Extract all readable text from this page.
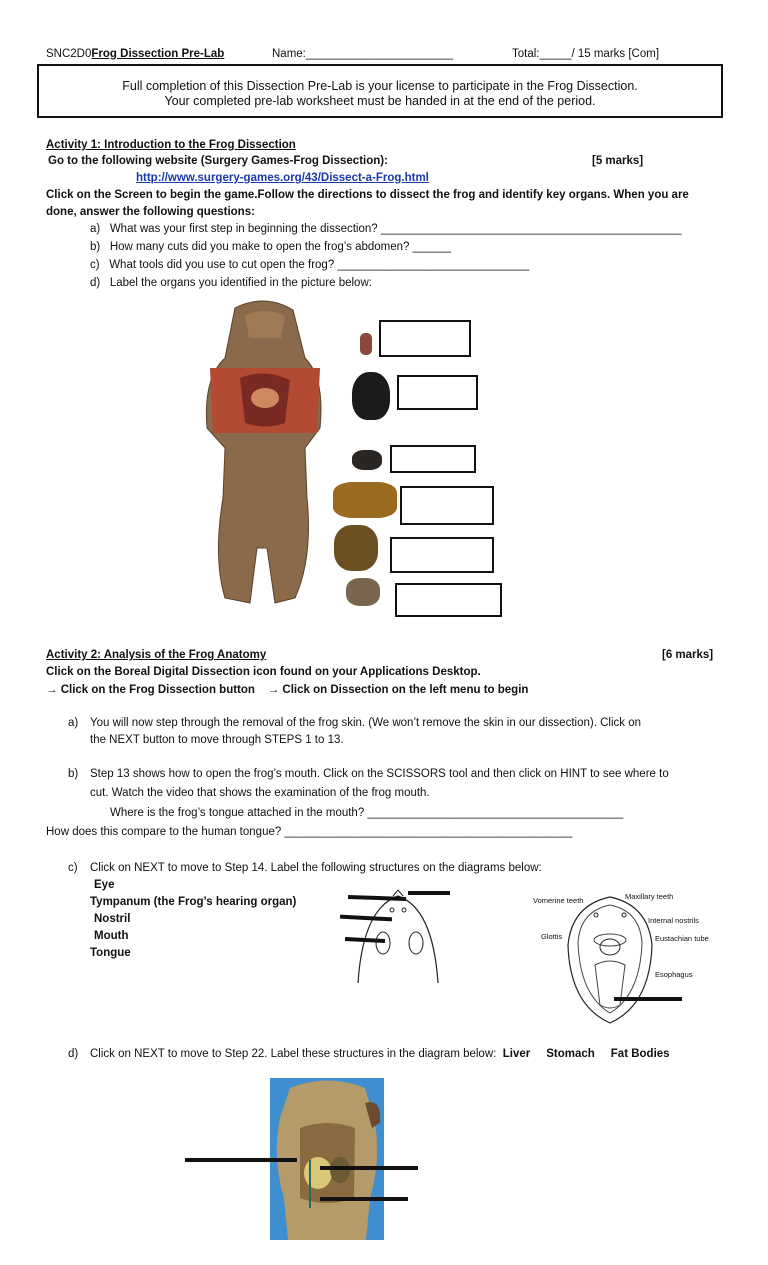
SNC2D0Frog Dissection Pre-Lab	Name:_______________________	Total:_____/ 15 marks [Com]
Full completion of this Dissection Pre-Lab is your license to participate in the Frog Dissection.
Your completed pre-lab worksheet must be handed in at the end of the period.
Activity 1: Introduction to the Frog Dissection
Go to the following website (Surgery Games-Frog Dissection):	[5 marks]
http://www.surgery-games.org/43/Dissect-a-Frog.html
Click on the Screen to begin the game.Follow the directions to dissect the frog and identify key organs. When you are
done, answer the following questions:
a) What was your first step in beginning the dissection? _______________________________________________
b) How many cuts did you make to open the frog’s abdomen? ______
c) What tools did you use to cut open the frog? ______________________________
d) Label the organs you identified in the picture below:
Activity 2: Analysis of the Frog Anatomy	[6 marks]
Click on the Boreal Digital Dissection icon found on your Applications Desktop.
→ Click on the Frog Dissection button → Click on Dissection on the left menu to begin
a) You will now step through the removal of the frog skin. (We won’t remove the skin in our dissection). Click on
the NEXT button to move through STEPS 1 to 13.
b) Step 13 shows how to open the frog’s mouth. Click on the SCISSORS tool and then click on HINT to see where to
cut. Watch the video that shows the examination of the frog mouth.
Where is the frog’s tongue attached in the mouth? ________________________________________
How does this compare to the human tongue? _____________________________________________
c) Click on NEXT to move to Step 14. Label the following structures on the diagrams below:
Eye
Tympanum (the Frog’s hearing organ)
Nostril
Mouth
Tongue
Vomerine teeth	Maxillary teeth
Internal nostrils
Glottis	Eustachian tube
Esophagus
d) Click on NEXT to move to Step 22. Label these structures in the diagram below: Liver Stomach Fat Bodies
